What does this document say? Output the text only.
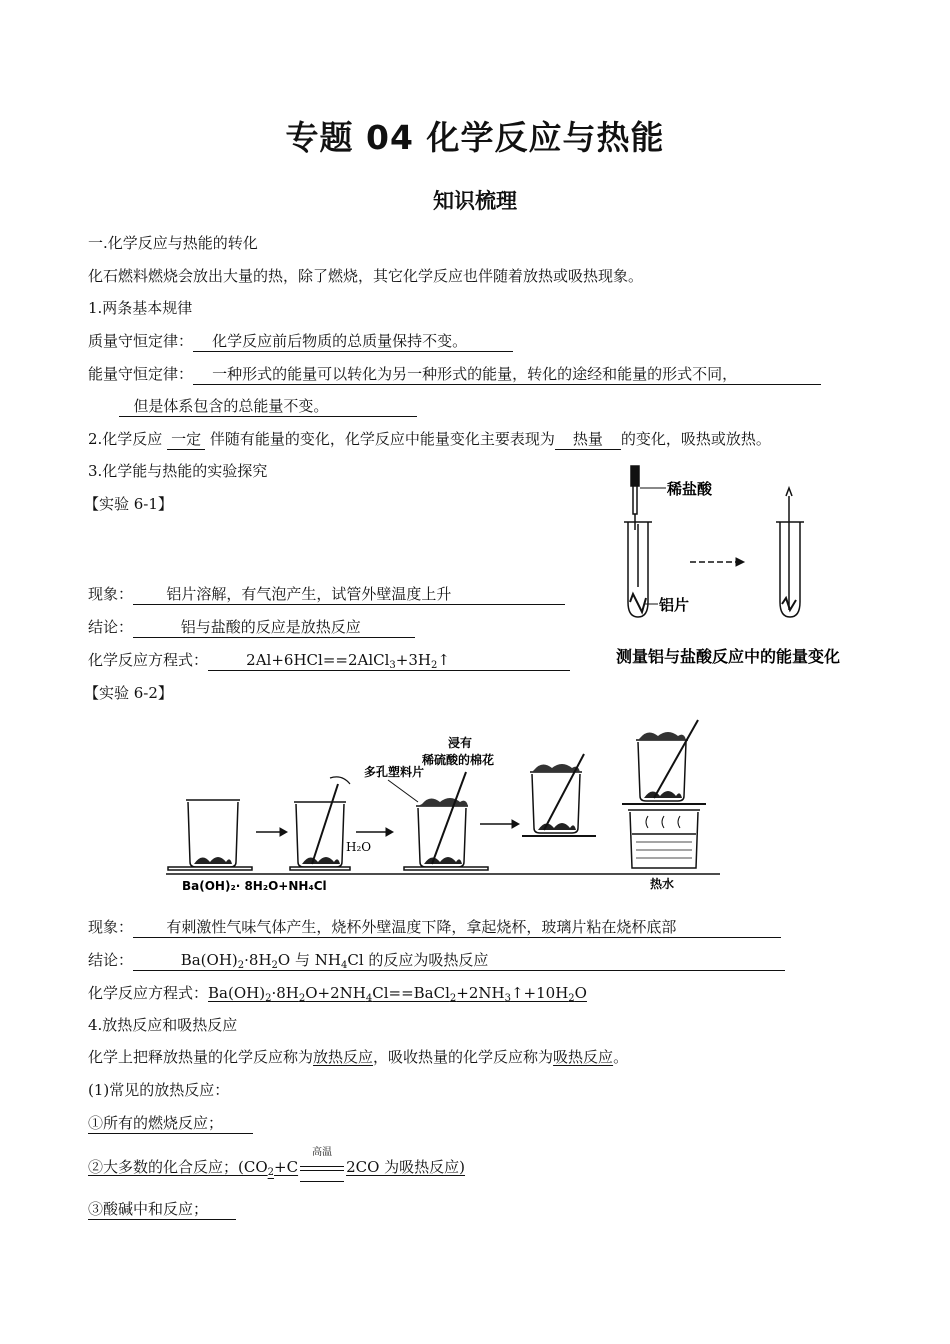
专题 04 化学反应与热能
知识梳理
一.化学反应与热能的转化
化石燃料燃烧会放出大量的热，除了燃烧，其它化学反应也伴随着放热或吸热现象。
1.两条基本规律
质量守恒定律： 化学反应前后物质的总质量保持不变。
能量守恒定律： 一种形式的能量可以转化为另一种形式的能量，转化的途经和能量的形式不同，
但是体系包含的总能量不变。
2.化学反应 一定 伴随有能量的变化，化学反应中能量变化主要表现为 热量 的变化，吸热或放热。
3.化学能与热能的实验探究
【实验 6-1】
现象： 铝片溶解，有气泡产生，试管外壁温度上升
结论：	铝与盐酸的反应是放热反应
化学反应方程式：	$2Al+6HCl==2AlCl_3+3H_2↑$
稀盐酸
铝片
测量铝与盐酸反应中的能量变化
【实验 6-2】
H₂O
多孔塑料片
浸有
稀硫酸的棉花
Ba(OH)₂· 8H₂O+NH₄Cl	热水
现象： 有刺激性气味气体产生，烧杯外壁温度下降，拿起烧杯，玻璃片粘在烧杯底部
结论：	$Ba(OH)_2\cdot 8H_2O$ 与 $NH_4Cl$ 的反应为吸热反应
化学反应方程式：$Ba(OH)_2\cdot 8H_2O+2NH_4Cl==BaCl_2+2NH_3↑+10H_2O$
4.放热反应和吸热反应
化学上把释放热量的化学反应称为放热反应，吸收热量的化学反应称为吸热反应。
(1)常见的放热反应：
①所有的燃烧反应；
②大多数的化合反应；($CO_2+C$
高温
2CO 为吸热反应)
③酸碱中和反应；
